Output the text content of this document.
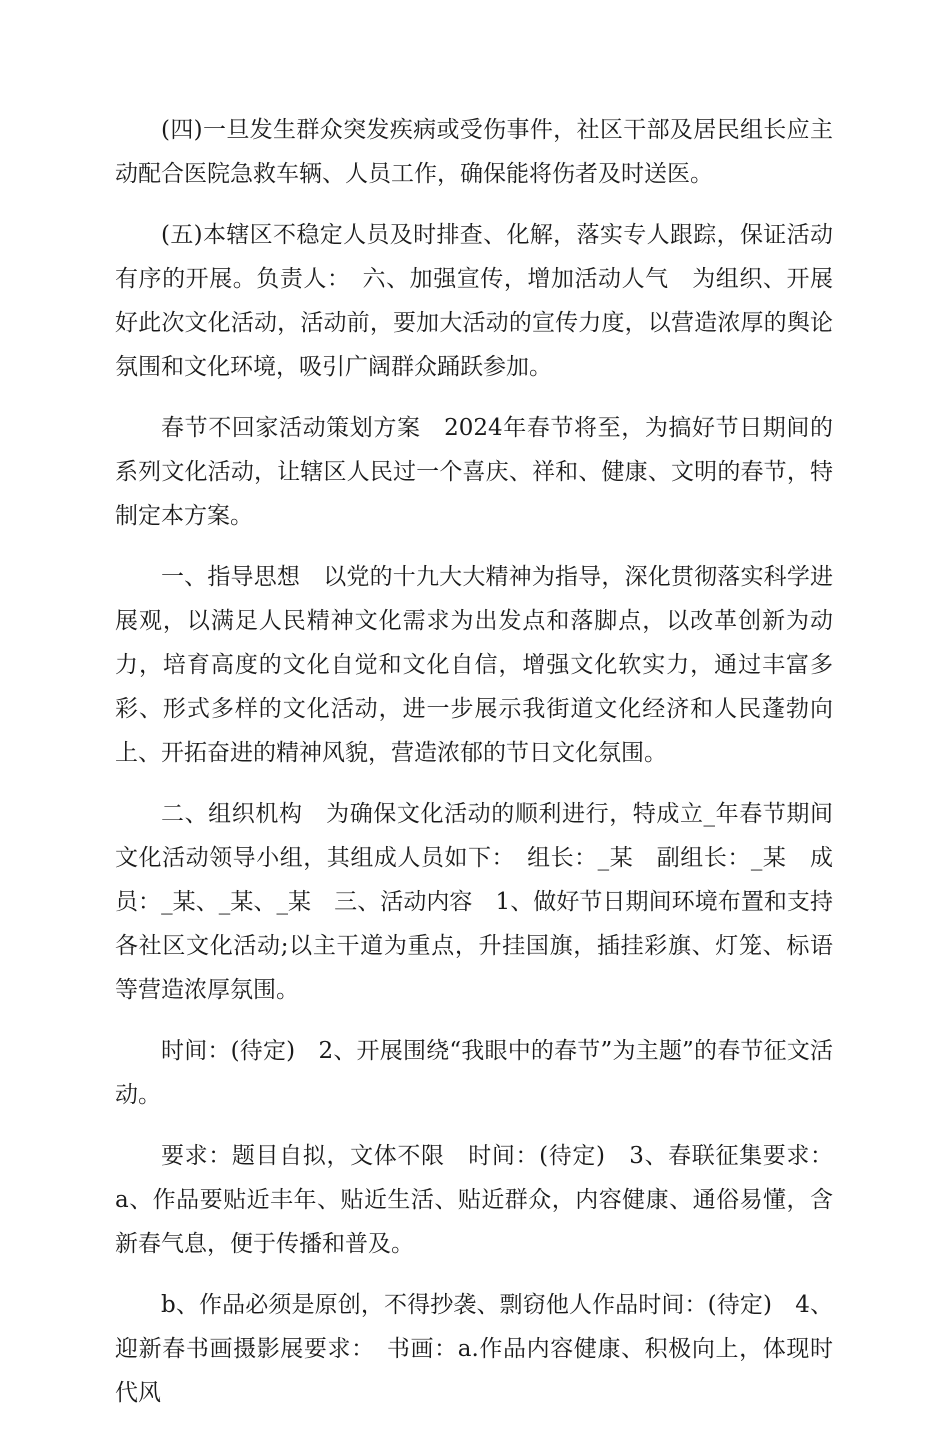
(四)一旦发生群众突发疾病或受伤事件，社区干部及居民组长应主动配合医院急救车辆、人员工作，确保能将伤者及时送医。

(五)本辖区不稳定人员及时排查、化解，落实专人跟踪，保证活动有序的开展。负责人：　六、加强宣传，增加活动人气　为组织、开展好此次文化活动，活动前，要加大活动的宣传力度，以营造浓厚的舆论氛围和文化环境，吸引广阔群众踊跃参加。

春节不回家活动策划方案　2024年春节将至，为搞好节日期间的系列文化活动，让辖区人民过一个喜庆、祥和、健康、文明的春节，特制定本方案。

一、指导思想　以党的十九大大精神为指导，深化贯彻落实科学进展观，以满足人民精神文化需求为出发点和落脚点，以改革创新为动力，培育高度的文化自觉和文化自信，增强文化软实力，通过丰富多彩、形式多样的文化活动，进一步展示我街道文化经济和人民蓬勃向上、开拓奋进的精神风貌，营造浓郁的节日文化氛围。

二、组织机构　为确保文化活动的顺利进行，特成立_年春节期间文化活动领导小组，其组成人员如下：　组长：_某　副组长：_某　成员：_某、_某、_某　三、活动内容　1、做好节日期间环境布置和支持各社区文化活动;以主干道为重点，升挂国旗，插挂彩旗、灯笼、标语等营造浓厚氛围。

时间：(待定)　2、开展围绕“我眼中的春节”为主题”的春节征文活动。

要求：题目自拟，文体不限　时间：(待定)　3、春联征集要求：a、作品要贴近丰年、贴近生活、贴近群众，内容健康、通俗易懂，含新春气息，便于传播和普及。

b、作品必须是原创，不得抄袭、剽窃他人作品时间：(待定)　4、迎新春书画摄影展要求：　书画：a.作品内容健康、积极向上，体现时代风
